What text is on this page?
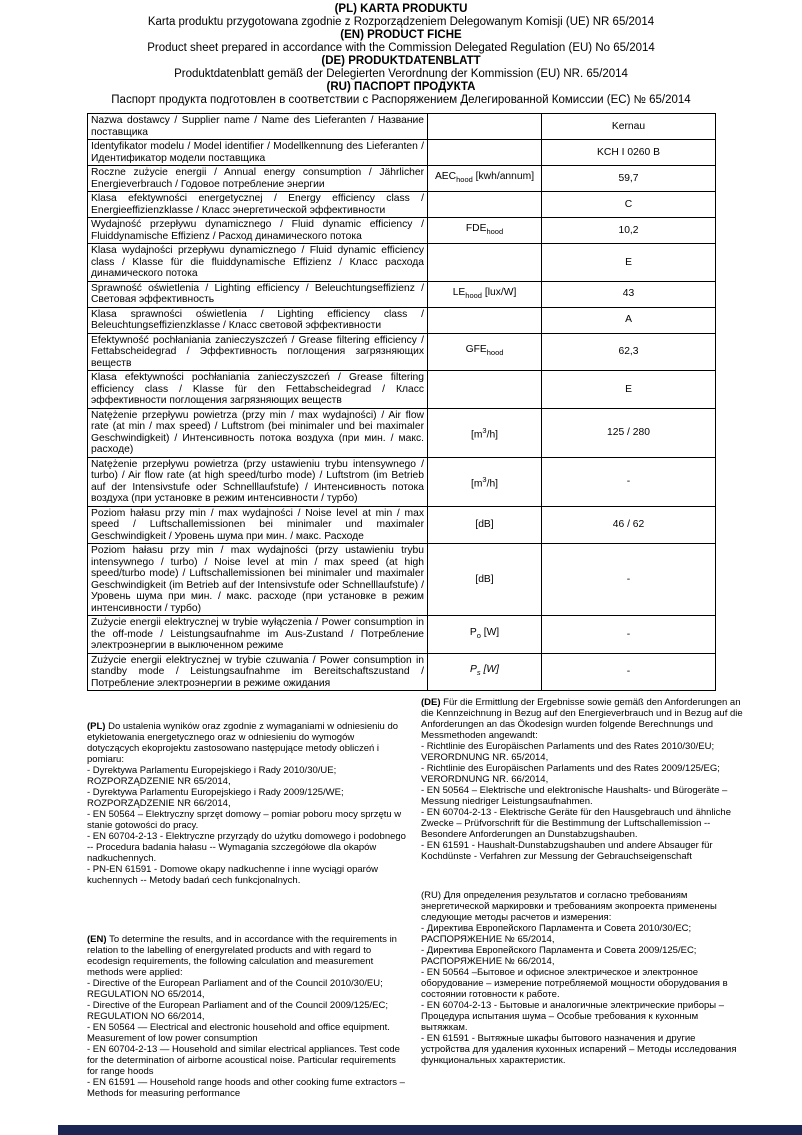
(PL) KARTA PRODUKTU
Karta produktu przygotowana zgodnie z Rozporządzeniem Delegowanym Komisji (UE) NR 65/2014
(EN) PRODUCT FICHE
Product sheet prepared in accordance with the Commission Delegated Regulation (EU) No 65/2014
(DE) PRODUKTDATENBLATT
Produktdatenblatt gemäß der Delegierten Verordnung der Kommission (EU) NR. 65/2014
(RU) ПАСПОРТ ПРОДУКТА
Паспорт продукта подготовлен в соответствии с Распоряжением Делегированной Комиссии (ЕС) № 65/2014
Nazwa dostawcy / Supplier name / Name des Lieferanten / Название поставщика		Kernau
Identyfikator modelu / Model identifier / Modellkennung des Lieferanten / Идентификатор модели поставщика		KCH I 0260 B
Roczne zużycie energii / Annual energy consumption / Jährlicher Energieverbrauch / Годовое потребление энергии	$AEC_{hood}$ [kwh/annum]	59,7
Klasa efektywności energetycznej / Energy efficiency class / Energieeffizienzklasse / Класс энергетической эффективности		C
Wydajność przepływu dynamicznego / Fluid dynamic efficiency / Fluiddynamische Effizienz / Расход динамического потока	$FDE_{hood}$	10,2
Klasa wydajności przepływu dynamicznego / Fluid dynamic efficiency class / Klasse für die fluiddynamische Effizienz / Класс расхода динамического потока		E
Sprawność oświetlenia / Lighting efficiency / Beleuchtungseffizienz / Световая эффективность	$LE_{hood}$ [lux/W]	43
Klasa sprawności oświetlenia / Lighting efficiency class / Beleuchtungseffizienzklasse / Класс световой эффективности		A
Efektywność pochłaniania zanieczyszczeń / Grease filtering efficiency / Fettabscheidegrad / Эффективность поглощения загрязняющих веществ	$GFE_{hood}$	62,3
Klasa efektywności pochłaniania zanieczyszczeń / Grease filtering efficiency class / Klasse für den Fettabscheidegrad / Класс эффективности поглощения загрязняющих веществ		E
Natężenie przepływu powietrza (przy min / max wydajności) / Air flow rate (at min / max speed) / Luftstrom (bei minimaler und bei maximaler Geschwindigkeit) / Интенсивность потока воздуха (при мин. / макс. расходе)	$[m^3/h]$	125 / 280
Natężenie przepływu powietrza (przy ustawieniu trybu intensywnego / turbo) / Air flow rate (at high speed/turbo mode) / Luftstrom (im Betrieb auf der Intensivstufe oder Schnelllaufstufe) / Интенсивность потока воздуха (при установке в режим интенсивности / турбо)	$[m^3/h]$	-
Poziom hałasu przy min / max wydajności / Noise level at min / max speed / Luftschallemissionen bei minimaler und maximaler Geschwindigkeit / Уровень шума при мин. / макс. Расходе	[dB]	46 / 62
Poziom hałasu przy min / max wydajności (przy ustawieniu trybu intensywnego / turbo) / Noise level at min / max speed (at high speed/turbo mode) / Luftschallemissionen bei minimaler und maximaler Geschwindigkeit (im Betrieb auf der Intensivstufe oder Schnelllaufstufe) / Уровень шума при мин. / макс. расходе (при установке в режим интенсивности / турбо)	[dB]	-
Zużycie energii elektrycznej w trybie wyłączenia / Power consumption in the off-mode / Leistungsaufnahme im Aus-Zustand / Потребление электроэнергии в выключенном режиме	$P_o$ [W]	-
Zużycie energii elektrycznej w trybie czuwania / Power consumption in standby mode / Leistungsaufnahme im Bereitschaftszustand / Потребление электроэнергии в режиме ожидания	$P_s$ [W]	-
(PL) Do ustalenia wyników oraz zgodnie z wymaganiami w odniesieniu do etykietowania energetycznego oraz w odniesieniu do wymogów dotyczących ekoprojektu zastosowano następujące metody obliczeń i pomiaru:
- Dyrektywa Parlamentu Europejskiego i Rady 2010/30/UE; ROZPORZĄDZENIE NR 65/2014,
- Dyrektywa Parlamentu Europejskiego i Rady 2009/125/WE; ROZPORZĄDZENIE NR 66/2014,
- EN 50564 – Elektryczny sprzęt domowy – pomiar poboru mocy sprzętu w stanie gotowości do pracy.
- EN 60704-2-13 - Elektryczne przyrządy do użytku domowego i podobnego -- Procedura badania hałasu -- Wymagania szczegółowe dla okapów nadkuchennych.
- PN-EN 61591 - Domowe okapy nadkuchenne i inne wyciągi oparów kuchennych -- Metody badań cech funkcjonalnych.
(EN) To determine the results, and in accordance with the requirements in relation to the labelling of energyrelated products and with regard to ecodesign requirements, the following calculation and measurement methods were applied:
- Directive of the European Parliament and of the Council 2010/30/EU; REGULATION NO 65/2014,
- Directive of the European Parliament and of the Council 2009/125/EC; REGULATION NO 66/2014,
- EN 50564 — Electrical and electronic household and office equipment. Measurement of low power consumption
- EN 60704-2-13 — Household and similar electrical appliances. Test code for the determination of airborne acoustical noise. Particular requirements for range hoods
- EN 61591 — Household range hoods and other cooking fume extractors – Methods for measuring performance
(DE) Für die Ermittlung der Ergebnisse sowie gemäß den Anforderungen an die Kennzeichnung in Bezug auf den Energieverbrauch und in Bezug auf die Anforderungen an das Ökodesign wurden folgende Berechnungs und Messmethoden angewandt:
- Richtlinie des Europäischen Parlaments und des Rates 2010/30/EU; VERORDNUNG NR. 65/2014,
- Richtlinie des Europäischen Parlaments und des Rates 2009/125/EG; VERORDNUNG NR. 66/2014,
- EN 50564 – Elektrische und elektronische Haushalts- und Bürogeräte – Messung niedriger Leistungsaufnahmen.
- EN 60704-2-13 - Elektrische Geräte für den Hausgebrauch und ähnliche Zwecke – Prüfvorschrift für die Bestimmung der Luftschallemission -- Besondere Anforderungen an Dunstabzugshauben.
- EN 61591 - Haushalt-Dunstabzugshauben und andere Absauger für Kochdünste - Verfahren zur Messung der Gebrauchseigenschaft
(RU) Для определения результатов и согласно требованиям энергетической маркировки и требованиям экопроекта применены следующие методы расчетов и измерения:
- Директива Европейского Парламента и Совета 2010/30/ЕС; РАСПОРЯЖЕНИЕ № 65/2014,
- Директива Европейского Парламента и Совета 2009/125/ЕС; РАСПОРЯЖЕНИЕ № 66/2014,
- EN 50564 –Бытовое и офисное электрическое и электронное оборудование – измерение потребляемой мощности оборудования в состоянии готовности к работе.
- EN 60704-2-13 - Бытовые и аналогичные электрические приборы – Процедура испытания шума – Особые требования к кухонным вытяжкам.
- EN 61591 - Вытяжные шкафы бытового назначения и другие устройства для удаления кухонных испарений – Методы исследования функциональных характеристик.
